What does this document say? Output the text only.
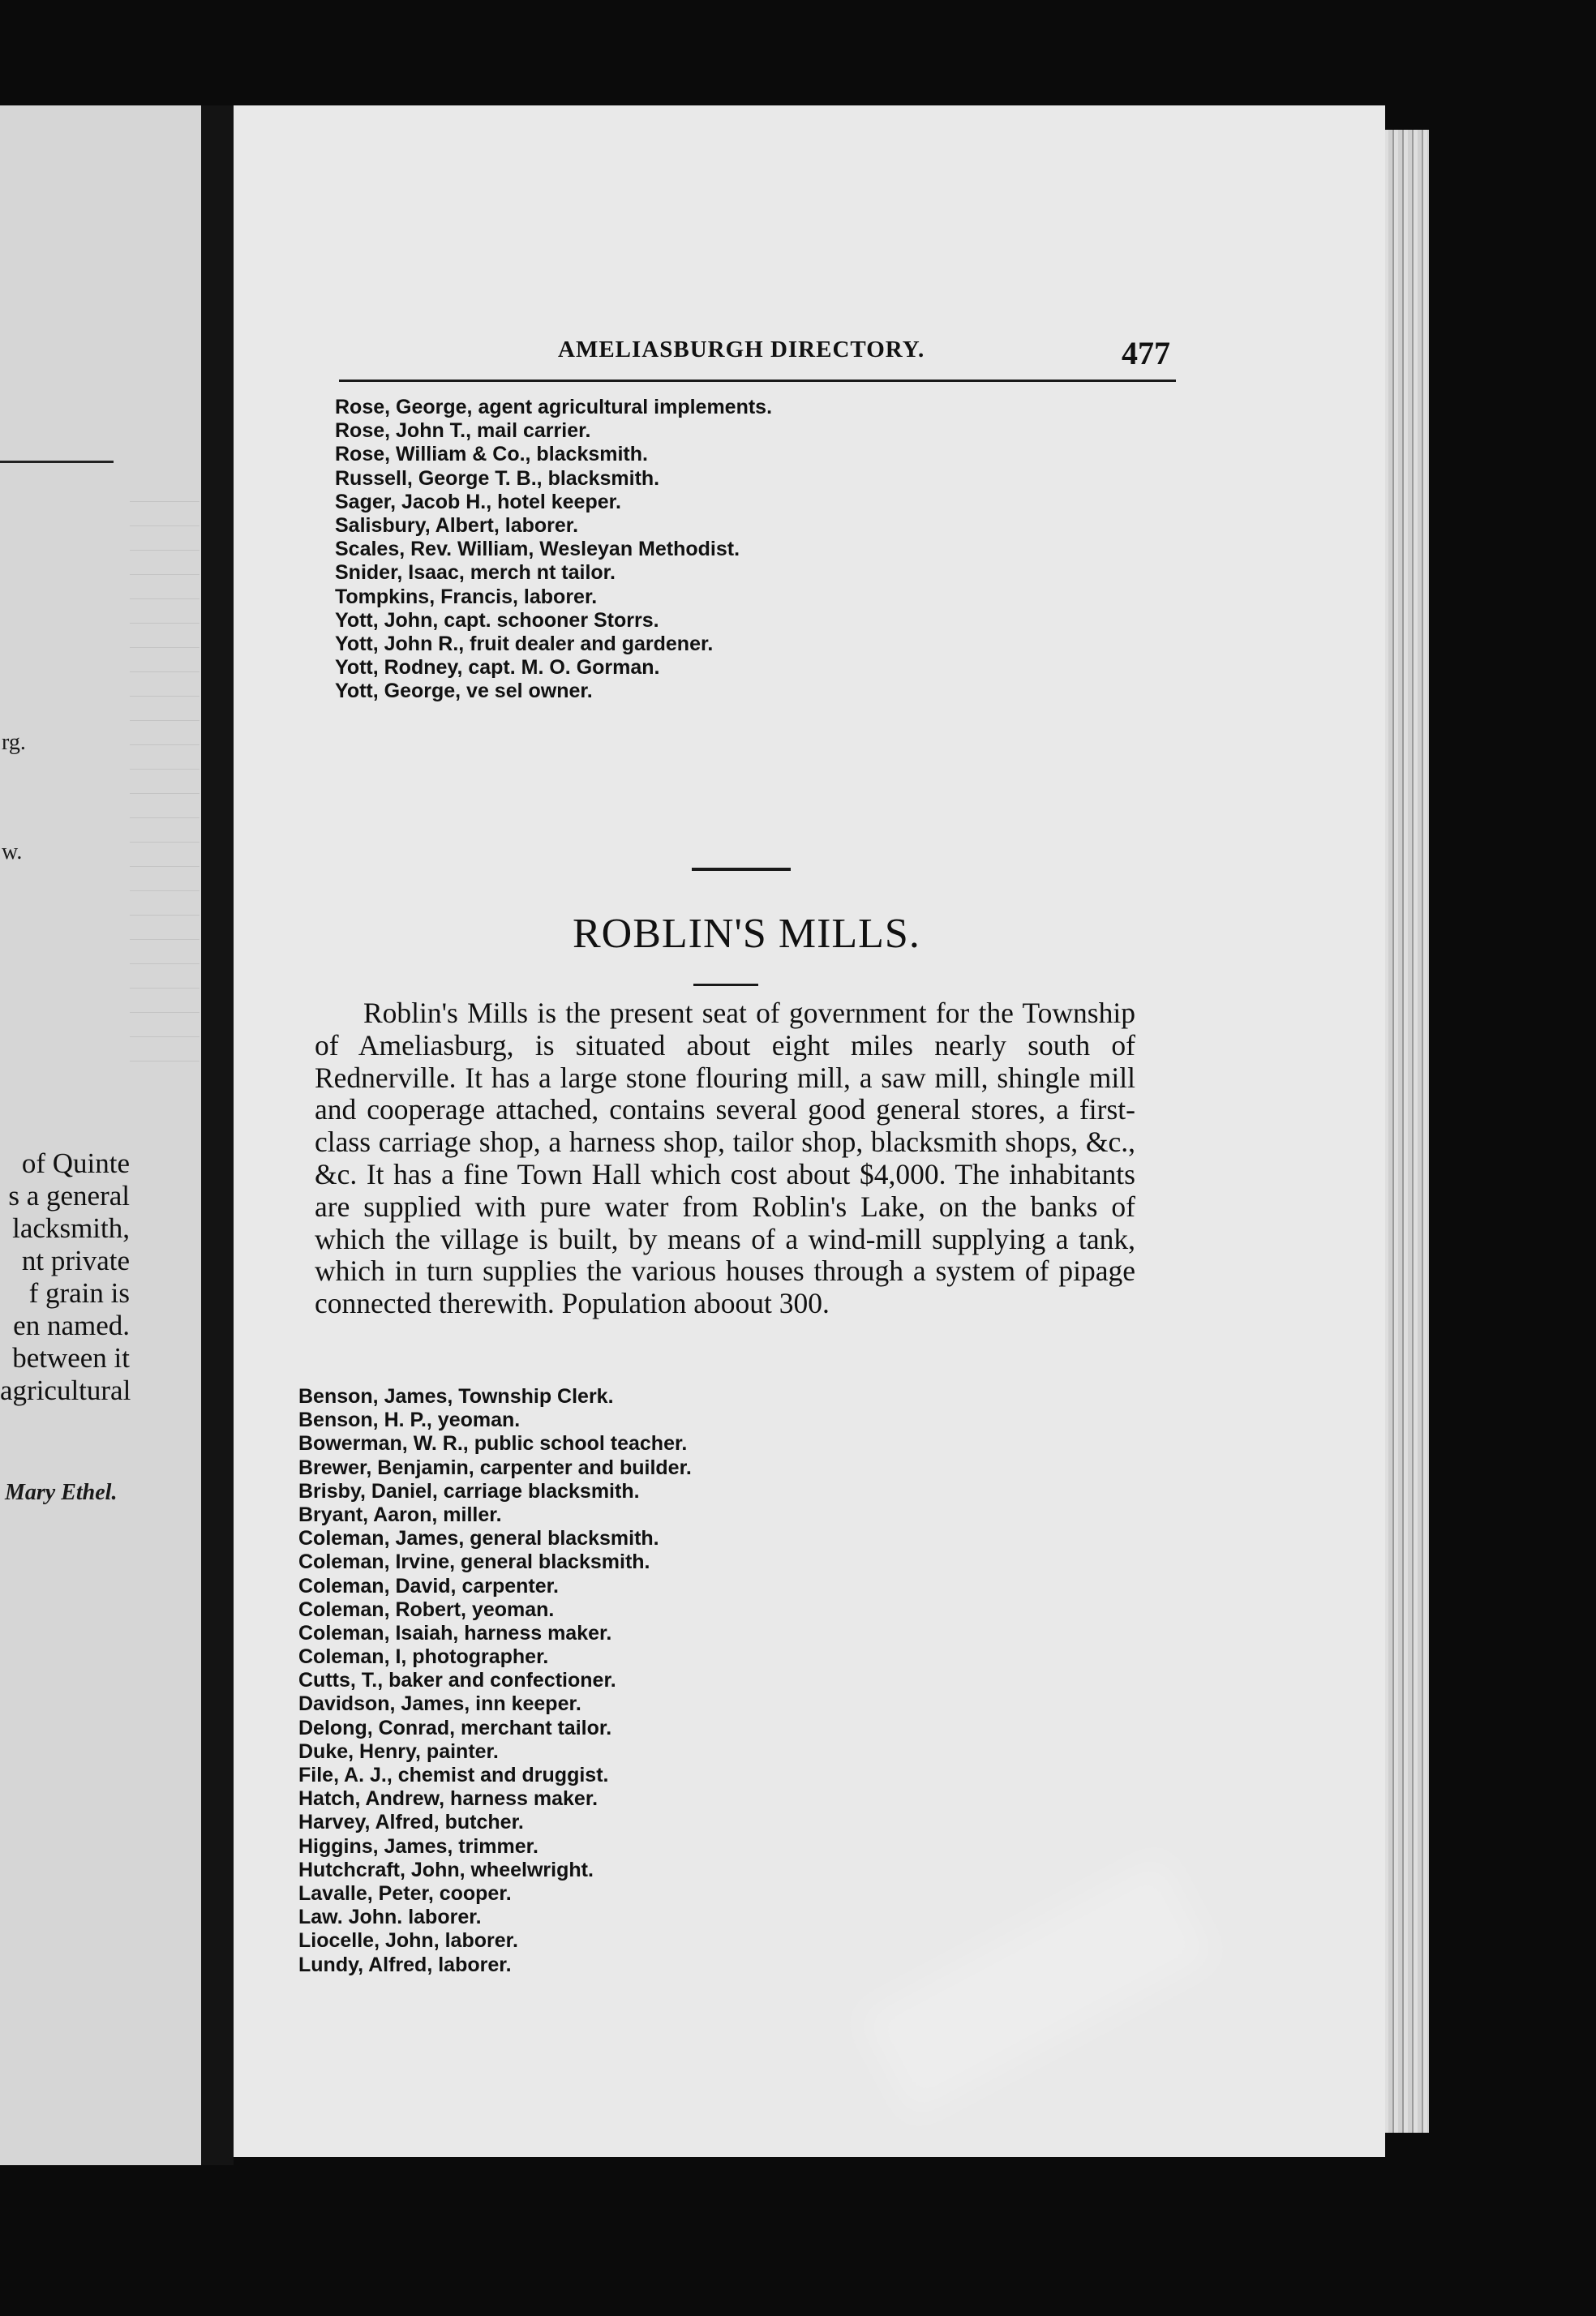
rg.
w.
of Quinte
s a general
lacksmith,
nt private
f grain is
en named.
between it
agricultural
Mary Ethel.
AMELIASBURGH DIRECTORY.	477
Rose, George, agent agricultural implements.
Rose, John T., mail carrier.
Rose, William & Co., blacksmith.
Russell, George T. B., blacksmith.
Sager, Jacob H., hotel keeper.
Salisbury, Albert, laborer.
Scales, Rev. William, Wesleyan Methodist.
Snider, Isaac, merch nt tailor.
Tompkins, Francis, laborer.
Yott, John, capt. schooner Storrs.
Yott, John R., fruit dealer and gardener.
Yott, Rodney, capt. M. O. Gorman.
Yott, George, ve sel owner.
ROBLIN'S MILLS.
Roblin's Mills is the present seat of government for the Township of Ameliasburg, is situated about eight miles nearly south of Rednerville. It has a large stone flouring mill, a saw mill, shingle mill and cooperage attached, contains several good general stores, a first-class carriage shop, a harness shop, tailor shop, blacksmith shops, &c., &c. It has a fine Town Hall which cost about $4,000. The inhabitants are supplied with pure water from Roblin's Lake, on the banks of which the village is built, by means of a wind-mill supplying a tank, which in turn supplies the various houses through a system of pipage connected therewith. Population aboout 300.
Benson, James, Township Clerk.
Benson, H. P., yeoman.
Bowerman, W. R., public school teacher.
Brewer, Benjamin, carpenter and builder.
Brisby, Daniel, carriage blacksmith.
Bryant, Aaron, miller.
Coleman, James, general blacksmith.
Coleman, Irvine, general blacksmith.
Coleman, David, carpenter.
Coleman, Robert, yeoman.
Coleman, Isaiah, harness maker.
Coleman, I, photographer.
Cutts, T., baker and confectioner.
Davidson, James, inn keeper.
Delong, Conrad, merchant tailor.
Duke, Henry, painter.
File, A. J., chemist and druggist.
Hatch, Andrew, harness maker.
Harvey, Alfred, butcher.
Higgins, James, trimmer.
Hutchcraft, John, wheelwright.
Lavalle, Peter, cooper.
Law. John. laborer.
Liocelle, John, laborer.
Lundy, Alfred, laborer.
